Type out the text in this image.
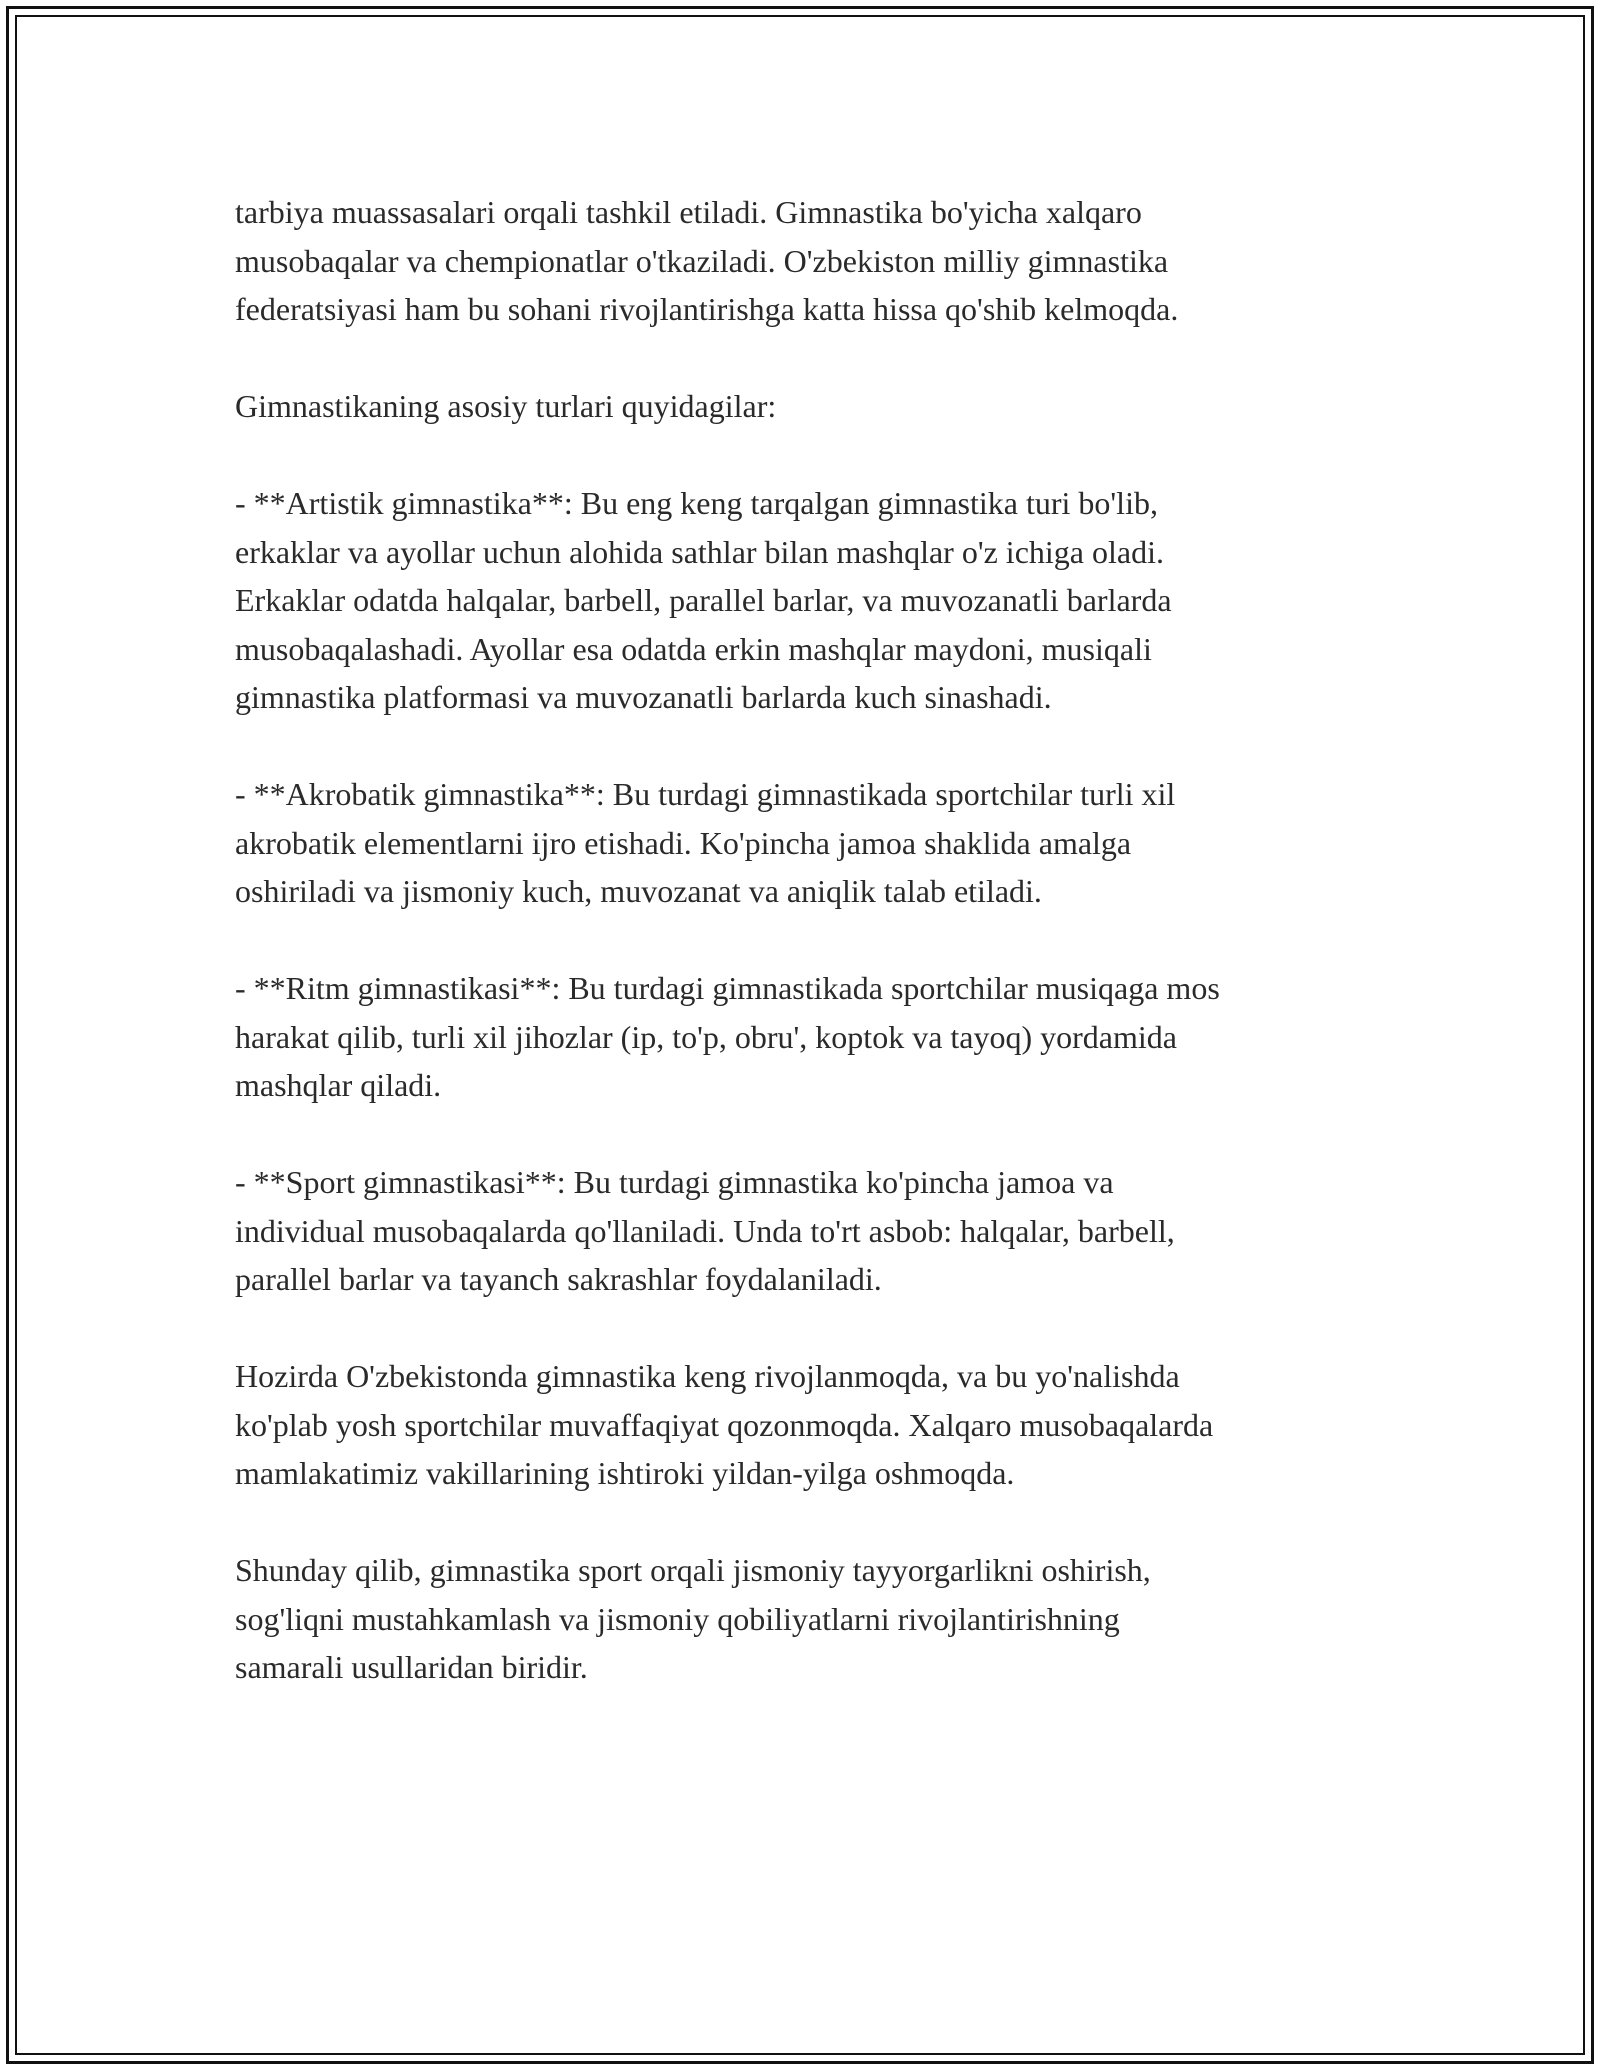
tarbiya muassasalari orqali tashkil etiladi. Gimnastika bo'yicha xalqaro
musobaqalar va chempionatlar o'tkaziladi. O'zbekiston milliy gimnastika
federatsiyasi ham bu sohani rivojlantirishga katta hissa qo'shib kelmoqda.

Gimnastikaning asosiy turlari quyidagilar:

- **Artistik gimnastika**: Bu eng keng tarqalgan gimnastika turi bo'lib,
erkaklar va ayollar uchun alohida sathlar bilan mashqlar o'z ichiga oladi.
Erkaklar odatda halqalar, barbell, parallel barlar, va muvozanatli barlarda
musobaqalashadi. Ayollar esa odatda erkin mashqlar maydoni, musiqali
gimnastika platformasi va muvozanatli barlarda kuch sinashadi.

- **Akrobatik gimnastika**: Bu turdagi gimnastikada sportchilar turli xil
akrobatik elementlarni ijro etishadi. Ko'pincha jamoa shaklida amalga
oshiriladi va jismoniy kuch, muvozanat va aniqlik talab etiladi.

- **Ritm gimnastikasi**: Bu turdagi gimnastikada sportchilar musiqaga mos
harakat qilib, turli xil jihozlar (ip, to'p, obru', koptok va tayoq) yordamida
mashqlar qiladi.

- **Sport gimnastikasi**: Bu turdagi gimnastika ko'pincha jamoa va
individual musobaqalarda qo'llaniladi. Unda to'rt asbob: halqalar, barbell,
parallel barlar va tayanch sakrashlar foydalaniladi.

Hozirda O'zbekistonda gimnastika keng rivojlanmoqda, va bu yo'nalishda
ko'plab yosh sportchilar muvaffaqiyat qozonmoqda. Xalqaro musobaqalarda
mamlakatimiz vakillarining ishtiroki yildan-yilga oshmoqda.

Shunday qilib, gimnastika sport orqali jismoniy tayyorgarlikni oshirish,
sog'liqni mustahkamlash va jismoniy qobiliyatlarni rivojlantirishning
samarali usullaridan biridir.
